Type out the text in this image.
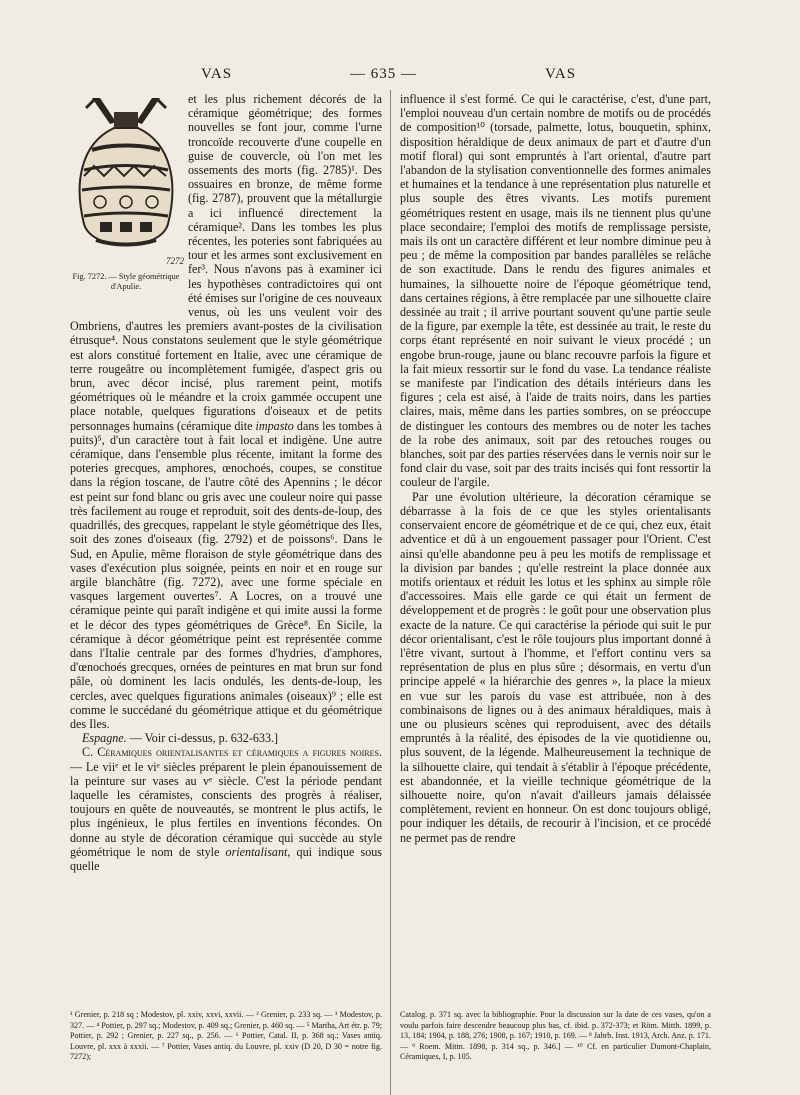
VAS	— 635 —	VAS
7272
Fig. 7272. — Style géométrique d'Apulie.

et les plus richement décorés de la céramique géométrique; des formes nouvelles se font jour, comme l'urne troncoïde recouverte d'une coupelle en guise de couvercle, où l'on met les ossements des morts (fig. 2785)¹. Des ossuaires en bronze, de même forme (fig. 2787), prouvent que la métallurgie a ici influencé directement la céramique². Dans les tombes les plus récentes, les poteries sont fabriquées au tour et les armes sont exclusivement en fer³. Nous n'avons pas à examiner ici les hypothèses contradictoires qui ont été émises sur l'origine de ces nouveaux venus, où les uns veulent voir des Ombriens, d'autres les premiers avant-postes de la civilisation étrusque⁴. Nous constatons seulement que le style géométrique est alors constitué fortement en Italie, avec une céramique de terre rougeâtre ou incomplètement fumigée, d'aspect gris ou brun, avec décor incisé, plus rarement peint, motifs géométriques où le méandre et la croix gammée occupent une place notable, quelques figurations d'oiseaux et de petits personnages humains (céramique dite impasto dans les tombes à puits)⁵, d'un caractère tout à fait local et indigène. Une autre céramique, dans l'ensemble plus récente, imitant la forme des poteries grecques, amphores, œnochoés, coupes, se constitue dans la région toscane, de l'autre côté des Apennins ; le décor est peint sur fond blanc ou gris avec une couleur noire qui passe très facilement au rouge et reproduit, soit des dents-de-loup, des quadrillés, des grecques, rappelant le style géométrique des Iles, soit des zones d'oiseaux (fig. 2792) et de poissons⁶. Dans le Sud, en Apulie, même floraison de style géométrique dans des vases d'exécution plus soignée, peints en noir et en rouge sur argile blanchâtre (fig. 7272), avec une forme spéciale en vasques largement ouvertes⁷. A Locres, on a trouvé une céramique peinte qui paraît indigène et qui imite aussi la forme et le décor des types géométriques de Grèce⁸. En Sicile, la céramique à décor géométrique peint est représentée comme dans l'Italie centrale par des formes d'hydries, d'amphores, d'œnochoés grecques, ornées de peintures en mat brun sur fond pâle, où dominent les lacis ondulés, les dents-de-loup, les cercles, avec quelques figurations animales (oiseaux)⁹ ; elle est comme le succédané du géométrique attique et du géométrique des Iles.

Espagne. — Voir ci-dessus, p. 632-633.]

C. Céramiques orientalisantes et céramiques a figures noires. — Le viiᵉ et le viᵉ siècles préparent le plein épanouissement de la peinture sur vases au vᵉ siècle. C'est la période pendant laquelle les céramistes, conscients des progrès à réaliser, toujours en quête de nouveautés, se montrent le plus actifs, le plus ingénieux, le plus fertiles en inventions fécondes. On donne au style de décoration céramique qui succède au style géométrique le nom de style orientalisant, qui indique sous quelle

influence il s'est formé. Ce qui le caractérise, c'est, d'une part, l'emploi nouveau d'un certain nombre de motifs ou de procédés de composition¹⁰ (torsade, palmette, lotus, bouquetin, sphinx, disposition héraldique de deux animaux de part et d'autre d'un motif floral) qui sont empruntés à l'art oriental, d'autre part l'abandon de la stylisation conventionnelle des formes animales et humaines et la tendance à une représentation plus naturelle et plus souple des êtres vivants. Les motifs purement géométriques restent en usage, mais ils ne tiennent plus qu'une place secondaire; l'emploi des motifs de remplissage persiste, mais ils ont un caractère différent et leur nombre diminue peu à peu ; de même la composition par bandes parallèles se relâche de son exactitude. Dans le rendu des figures animales et humaines, la silhouette noire de l'époque géométrique tend, dans certaines régions, à être remplacée par une silhouette claire dessinée au trait ; il arrive pourtant souvent qu'une partie seule de la figure, par exemple la tête, est dessinée au trait, le reste du corps étant représenté en noir suivant le vieux procédé ; un engobe brun-rouge, jaune ou blanc recouvre parfois la figure et la fait mieux ressortir sur le fond du vase. La tendance réaliste se manifeste par l'indication des détails intérieurs dans les figures ; cela est aisé, à l'aide de traits noirs, dans les parties claires, mais, même dans les parties sombres, on se préoccupe de distinguer les contours des membres ou de noter les taches de la robe des animaux, soit par des retouches rouges ou blanches, soit par des parties réservées dans le vernis noir sur le fond clair du vase, soit par des traits incisés qui font ressortir la couleur de l'argile.

Par une évolution ultérieure, la décoration céramique se débarrasse à la fois de ce que les styles orientalisants conservaient encore de géométrique et de ce qui, chez eux, était adventice et dû à un engouement passager pour l'Orient. C'est ainsi qu'elle abandonne peu à peu les motifs de remplissage et la division par bandes ; qu'elle restreint la place donnée aux motifs orientaux et réduit les lotus et les sphinx au simple rôle d'accessoires. Mais elle garde ce qui était un ferment de développement et de progrès : le goût pour une observation plus exacte de la nature. Ce qui caractérise la période qui suit le pur décor orientalisant, c'est le rôle toujours plus important donné à l'être vivant, surtout à l'homme, et l'effort continu vers sa représentation de plus en plus sûre ; désormais, en vertu d'un principe appelé « la hiérarchie des genres », la place la mieux en vue sur les parois du vase est attribuée, non à des combinaisons de lignes ou à des animaux héraldiques, mais à une ou plusieurs scènes qui reproduisent, avec des détails empruntés à la réalité, des épisodes de la vie quotidienne ou, plus souvent, de la légende. Malheureusement la technique de la silhouette claire, qui tendait à s'établir à l'époque précédente, est abandonnée, et la vieille technique géométrique de la silhouette noire, qu'on n'avait d'ailleurs jamais délaissée complètement, revient en honneur. On est donc toujours obligé, pour indiquer les détails, de recourir à l'incision, et ce procédé ne permet pas de rendre

¹ Grenier, p. 218 sq ; Modestov, pl. xxiv, xxvi, xxvii. — ² Grenier, p. 233 sq. — ³ Modestov, p. 327. — ⁴ Pottier, p. 297 sq.; Modestov, p. 409 sq.; Grenier, p. 460 sq. — ⁵ Martha, Art étr. p. 79; Pottier, p. 292 ; Grenier, p. 227 sq., p. 256. — ⁶ Pottier, Catal. II, p. 368 sq.; Vases antiq. Louvre, pl. xxx à xxxii. — ⁷ Pottier, Vases antiq. du Louvre, pl. xxiv (D 20, D 30 = notre fig. 7272);

Catalog. p. 371 sq. avec la bibliographie. Pour la discussion sur la date de ces vases, qu'on a voulu parfois faire descendre beaucoup plus bas, cf. ibid. p. 372-373; et Röm. Mitth. 1899, p. 13, 184; 1904, p. 188, 276; 1908, p. 167; 1910, p. 169. — ⁸ Jahrb. Inst. 1913, Arch. Anz. p. 171. — ⁹ Roem. Mittn. 1898, p. 314 sq., p. 346.] — ¹⁰ Cf. en particulier Dumont-Chaplain, Céramiques, I, p. 105.
